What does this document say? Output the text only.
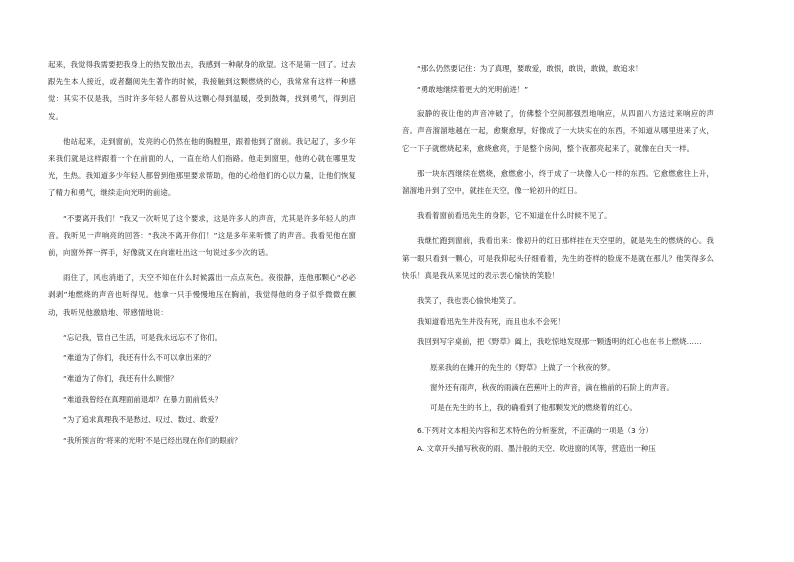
起来，我觉得我需要把我身上的热发散出去，我感到一种献身的欲望。这不是第一回了。过去跟先生本人接近，或者翻阅先生著作的时候，我接触到这颗燃烧的心，我常常有这样一种感觉：其实不仅是我，当时许多年轻人都曾从这颗心得到温暖，受到鼓舞，找到勇气，得到启发。

他站起来，走到窗前，发亮的心仍然在他的胸膛里，跟着他到了窗前。我记起了，多少年来我们就是这样跟着一个在前面的人，一直在给人们指路。他走到窗里，他的心就在哪里发光，生热。我知道多少年轻人都曾到他那里要求帮助，他的心给他们的心以力量，让他们恢复了精力和勇气，继续走向光明的前途。

“不要离开我们！”我又一次听见了这个要求，这是许多人的声音，尤其是许多年轻人的声音。我听见一声响亮的回答：“我决不离开你们！”这是多年来听惯了的声音。我看见他在窗前，向窗外挥一挥手，好像就又在向谁吐出这一句说过多少次的话。

雨住了，风也消逝了，天空不知在什么时候露出一点点灰色。夜很静，连他那颗心“必必剥剥”地燃烧的声音也听得见。他拿一只手慢慢地压在胸前，我觉得他的身子似乎微微在颤动，我听见他激励地、带感情地说：

“忘记我，管自己生活，可是我永远忘不了你们。

“难道为了你们，我还有什么不可以拿出来的？

“难道为了你们，我还有什么顾惜？

“难道我曾经在真理面前退却？在暴力面前低头？

“为了追求真理我不是愁过、叹过、数过、敢爱？

“我所预言的‘将来的光明’不是已经出现在你们的眼前？

“那么仍然要记住：为了真理，要敢爱，敢恨，敢说，敢做，敢追求！

“勇敢地继续着更大的光明前进！”

寂静的夜让他的声音冲破了，仿佛整个空间都强烈地响应，从四面八方送过来响应的声音。声音溜溜地越在一起，愈聚愈厚，好像成了一大块实在的东西，不知道从哪里进来了火，它一下子就燃烧起来，愈烧愈亮，于是整个房间，整个夜都亮起来了，就像在白天一样。

那一块东西继续在燃烧，愈燃愈小，终于成了一块像人心一样的东西。它愈燃愈往上升，溜溜地升到了空中，就挂在天空，像一轮初升的红日。

我看着窗前看迅先生的身影，它不知道在什么时候不见了。

我继忙跑到窗前，我看出来：像初升的红日那样挂在天空里的，就是先生的燃烧的心。我第一眼只看到一颗心，可是我仰起头仔细看着，先生的苍样的脸庞不是就在那儿？他笑得多么快乐！真是我从来见过的表示衷心愉快的笑脸！

我笑了，我也衷心愉快地笑了。

我知道看迅先生并没有死，而且也永不会死！

我回到写字桌前，把《野草》阖上，我吃惊地发现那一颗透明的红心也在书上燃烧……

原来我的在摊开的先生的《野草》上做了一个秋夜的梦。

窗外还有雨声，秋夜的雨滴在芭蕉叶上的声音，滴在檐前的石阶上的声音。

可是在先生的书上，我的确看到了他那颗发光的燃烧着的红心。

6.下列对文本相关内容和艺术特色的分析鉴赏，不正确的一项是（3 分）

A. 文章开头描写秋夜的雨、墨汁般的天空、吹进窗的风等，营造出一种压
